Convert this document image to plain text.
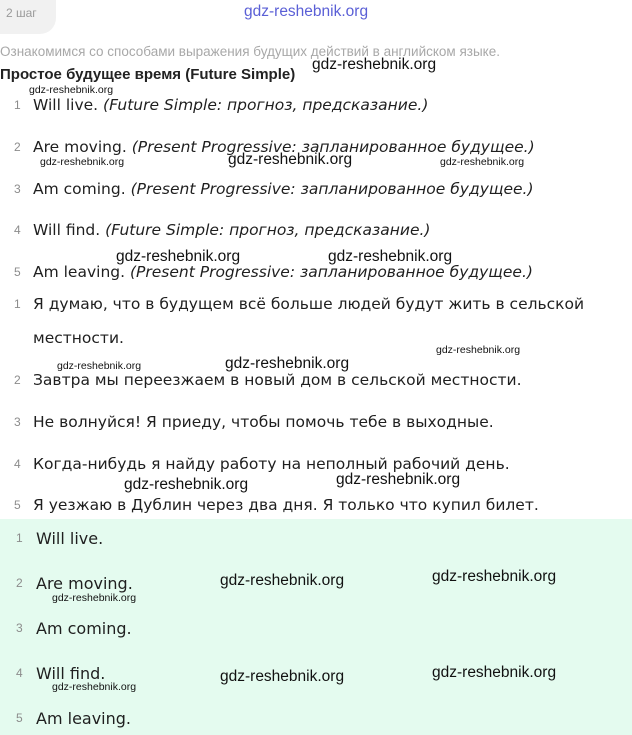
2 шаг
Ознакомимся со способами выражения будущих действий в английском языке.
Простое будущее время (Future Simple)
1 Will live. (Future Simple: прогноз, предсказание.)
2 Are moving. (Present Progressive: запланированное будущее.)
3 Am coming. (Present Progressive: запланированное будущее.)
4 Will find. (Future Simple: прогноз, предсказание.)
5 Am leaving. (Present Progressive: запланированное будущее.)
1 Я думаю, что в будущем всё больше людей будут жить в сельской
местности.
2 Завтра мы переезжаем в новый дом в сельской местности.
3 Не волнуйся! Я приеду, чтобы помочь тебе в выходные.
4 Когда-нибудь я найду работу на неполный рабочий день.
5 Я уезжаю в Дублин через два дня. Я только что купил билет.
1 Will live.
2 Are moving.
3 Am coming.
4 Will find.
5 Am leaving.
gdz-reshebnik.org
gdz-reshebnik.org
gdz-reshebnik.org
gdz-reshebnik.org	gdz-reshebnik.org	gdz-reshebnik.org
gdz-reshebnik.org	gdz-reshebnik.org
gdz-reshebnik.org	gdz-reshebnik.org
gdz-reshebnik.org
gdz-reshebnik.org	gdz-reshebnik.org
gdz-reshebnik.org	gdz-reshebnik.org
gdz-reshebnik.org
gdz-reshebnik.org	gdz-reshebnik.org
gdz-reshebnik.org
